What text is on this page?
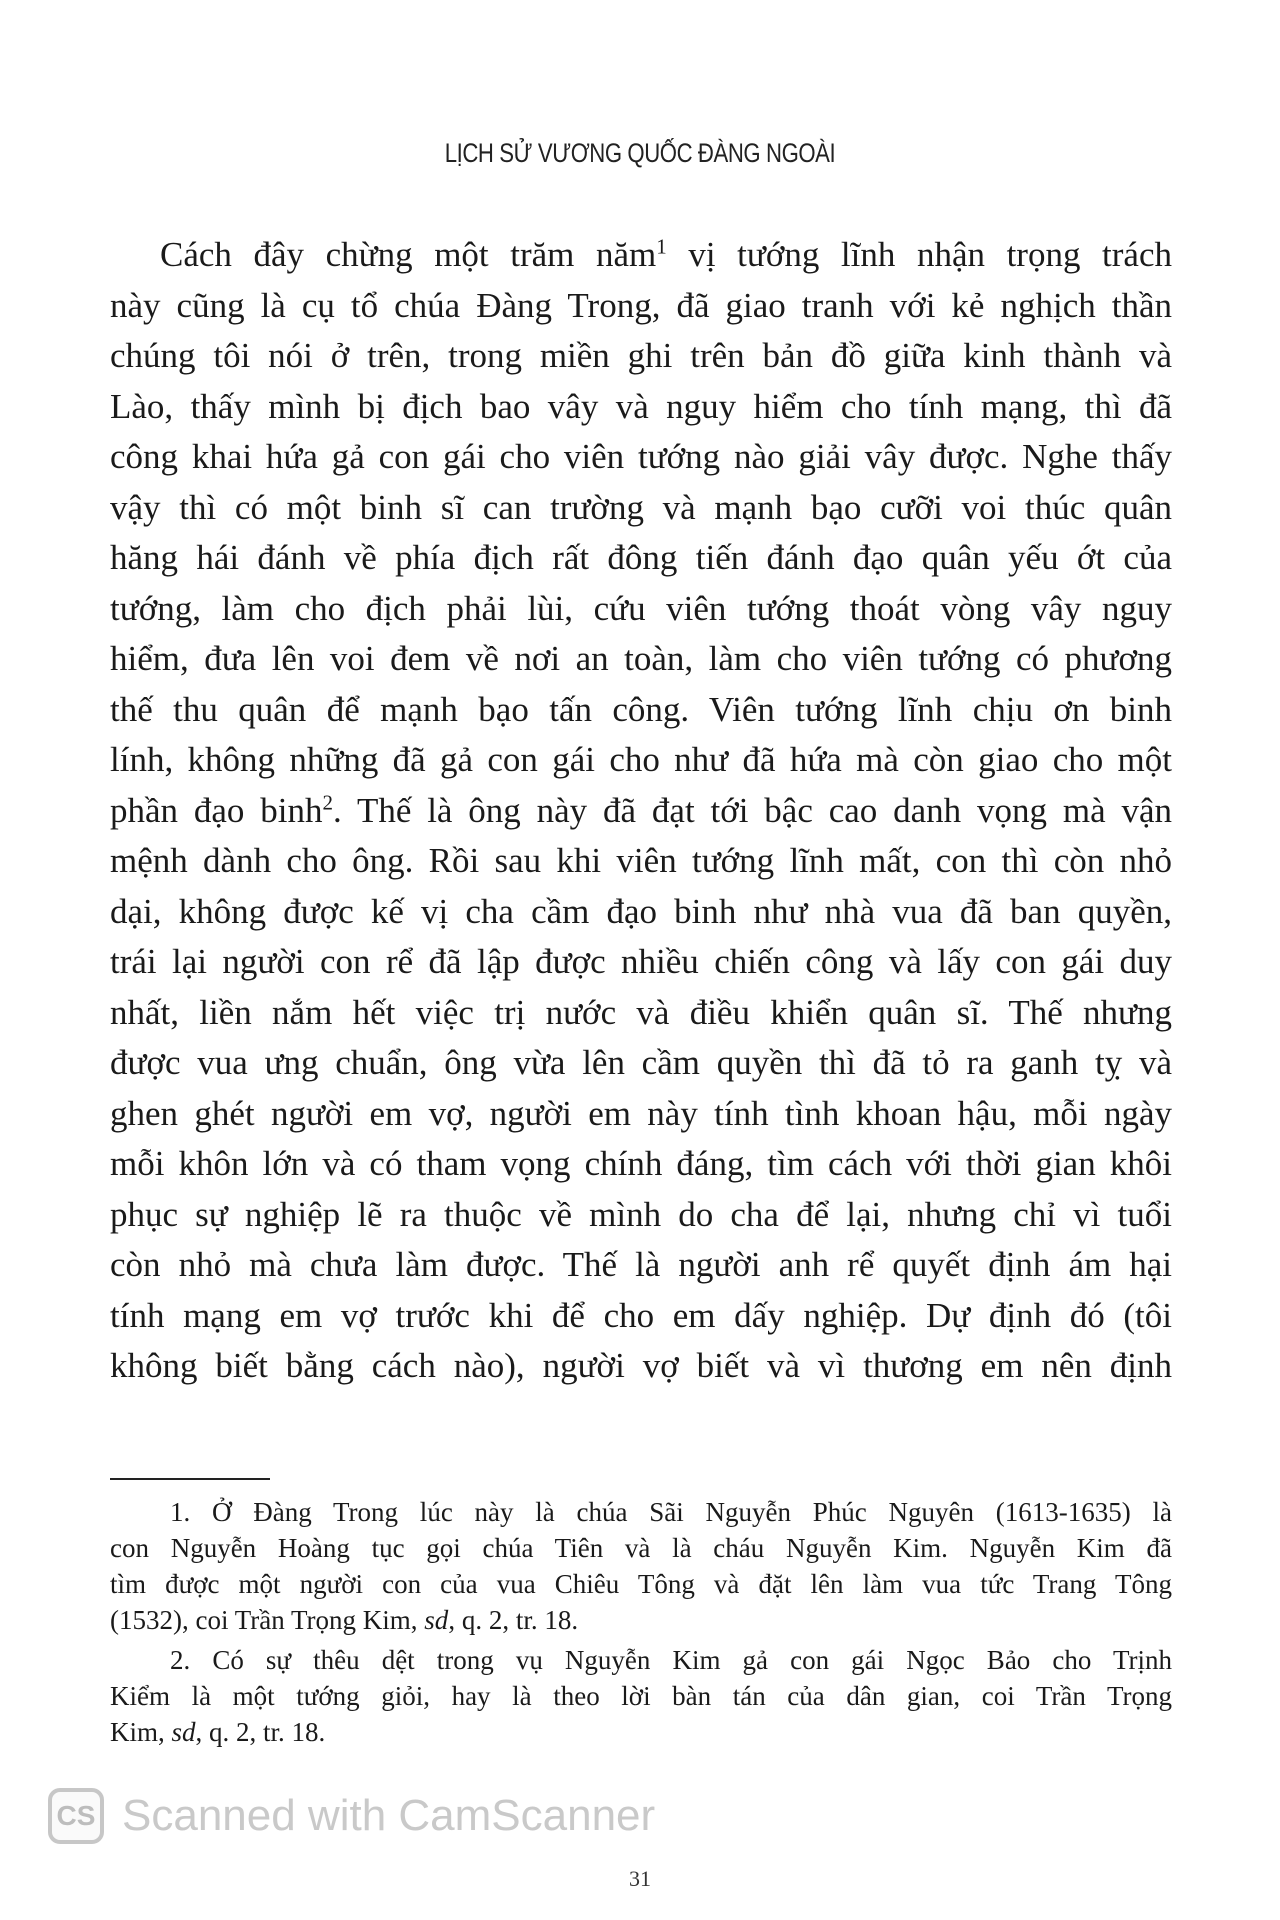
LỊCH SỬ VƯƠNG QUỐC ĐÀNG NGOÀI
Cách đây chừng một trăm năm$^1$ vị tướng lĩnh nhận trọng trách
này cũng là cụ tổ chúa Đàng Trong, đã giao tranh với kẻ nghịch thần
chúng tôi nói ở trên, trong miền ghi trên bản đồ giữa kinh thành và
Lào, thấy mình bị địch bao vây và nguy hiểm cho tính mạng, thì đã
công khai hứa gả con gái cho viên tướng nào giải vây được. Nghe thấy
vậy thì có một binh sĩ can trường và mạnh bạo cưỡi voi thúc quân
hăng hái đánh về phía địch rất đông tiến đánh đạo quân yếu ớt của
tướng, làm cho địch phải lùi, cứu viên tướng thoát vòng vây nguy
hiểm, đưa lên voi đem về nơi an toàn, làm cho viên tướng có phương
thế thu quân để mạnh bạo tấn công. Viên tướng lĩnh chịu ơn binh
lính, không những đã gả con gái cho như đã hứa mà còn giao cho một
phần đạo binh$^2$. Thế là ông này đã đạt tới bậc cao danh vọng mà vận
mệnh dành cho ông. Rồi sau khi viên tướng lĩnh mất, con thì còn nhỏ
dại, không được kế vị cha cầm đạo binh như nhà vua đã ban quyền,
trái lại người con rể đã lập được nhiều chiến công và lấy con gái duy
nhất, liền nắm hết việc trị nước và điều khiển quân sĩ. Thế nhưng
được vua ưng chuẩn, ông vừa lên cầm quyền thì đã tỏ ra ganh tỵ và
ghen ghét người em vợ, người em này tính tình khoan hậu, mỗi ngày
mỗi khôn lớn và có tham vọng chính đáng, tìm cách với thời gian khôi
phục sự nghiệp lẽ ra thuộc về mình do cha để lại, nhưng chỉ vì tuổi
còn nhỏ mà chưa làm được. Thế là người anh rể quyết định ám hại
tính mạng em vợ trước khi để cho em dấy nghiệp. Dự định đó (tôi
không biết bằng cách nào), người vợ biết và vì thương em nên định
1. Ở Đàng Trong lúc này là chúa Sãi Nguyễn Phúc Nguyên (1613-1635) là
con Nguyễn Hoàng tục gọi chúa Tiên và là cháu Nguyễn Kim. Nguyễn Kim đã
tìm được một người con của vua Chiêu Tông và đặt lên làm vua tức Trang Tông
(1532), coi Trần Trọng Kim, sd, q. 2, tr. 18.
2. Có sự thêu dệt trong vụ Nguyễn Kim gả con gái Ngọc Bảo cho Trịnh
Kiểm là một tướng giỏi, hay là theo lời bàn tán của dân gian, coi Trần Trọng
Kim, sd, q. 2, tr. 18.
CS Scanned with CamScanner
31
